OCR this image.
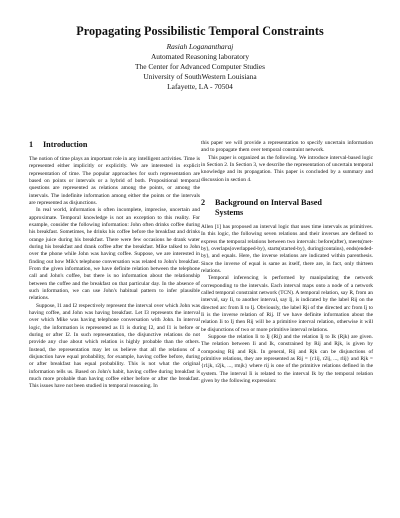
Propagating Possibilistic Temporal Constraints
Rasiah Loganantharaj
Automated Reasoning laboratory
The Center for Advanced Computer Studies
University of SouthWestern Louisiana
Lafayette, LA - 70504
1 Introduction

The notion of time plays an important role in any intelligent activities. Time is represented either implicitly or explicitly. We are interested in explicit representation of time. The popular approaches for such representation are based on points or intervals or a hybrid of both. Propositional temporal questions are represented as relations among the points, or among the intervals. The indefinite information among either the points or the intervals are represented as disjunctions.

In real world, information is often incomplete, imprecise, uncertain and approximate. Temporal knowledge is not an exception to this reality. For example, consider the following information: John often drinks coffee during his breakfast. Sometimes, he drinks his coffee before the breakfast and drinks orange juice during his breakfast. There were few occasions he drank water during his breakfast and drank coffee after the breakfast. Mike talked to John over the phone while John was having coffee. Suppose, we are interested in finding out how Mik's telephone conversation was related to John's breakfast. From the given information, we have definite relation between the telephone call and John's coffee, but there is no information about the relationship between the coffee and the breakfast on that particular day. In the absence of such information, we can use John's habitual pattern to infer plausible relations.

Suppose, I1 and I2 respectively represent the interval over which John was having coffee, and John was having breakfast. Let I3 represents the interval over which Mike was having telephone conversation with John. In interval logic, the information is represented as I1 is during I2, and I1 is before or during or after I2. In such representation, the disjunctive relations do not provide any clue about which relation is highly probable than the others. Instead, the representation may let us believe that all the relations of a disjunction have equal probability, for example, having coffee before, during or after breakfast has equal probability. This is not what the original information tells us. Based on John's habit, having coffee during breakfast is much more probable than having coffee either before or after the breakfast. This issues have not been studied in temporal reasoning. In

this paper we will provide a representation to specify uncertain information and to propagate them over temporal constraint network.

This paper is organized as the following. We introduce interval-based logic in Section 2. In Section 3, we describe the representation of uncertain temporal knowledge and its propagation. This paper is concluded by a summary and discussion in section 4.

2 Background on Interval Based
Systems

Allen [1] has proposed an interval logic that uses time intervals as primitives. In this logic, the following seven relations and their inverses are defined to express the temporal relations between two intervals: before(after), meets(met-by), overlaps(overlapped-by), starts(started-by), during(contains), ends(ended-by), and equals. Here, the inverse relations are indicated within parenthesis. Since the inverse of equal is same as itself, there are, in fact, only thirteen relations.

Temporal inferencing is performed by manipulating the network corresponding to the intervals. Each interval maps onto a node of a network called temporal constraint network (TCN). A temporal relation, say R, from an interval, say Ii, to another interval, say Ij, is indicated by the label Rij on the directed arc from Ii to Ij. Obviously, the label Rji of the directed arc from Ij to Ii is the inverse relation of Rij. If we have definite information about the relation Ii to Ij then Rij will be a primitive interval relation, otherwise it will be disjunctions of two or more primitive interval relations.

Suppose the relation Ii to Ij (Rij) and the relation Ij to Ik (Rjk) are given. The relation between Ii and Ik, constrained by Rij and Rjk, is given by composing Rij and Rjk. In general, Rij and Rjk can be disjunctions of primitive relations, they are represented as Rij = {r1ij, r2ij, ..., rlij} and Rjk = {r1jk, r2jk, ..., rmjk} where rij is one of the primitive relations defined in the system. The interval Ii is related to the interval Ik by the temporal relation given by the following expression:
